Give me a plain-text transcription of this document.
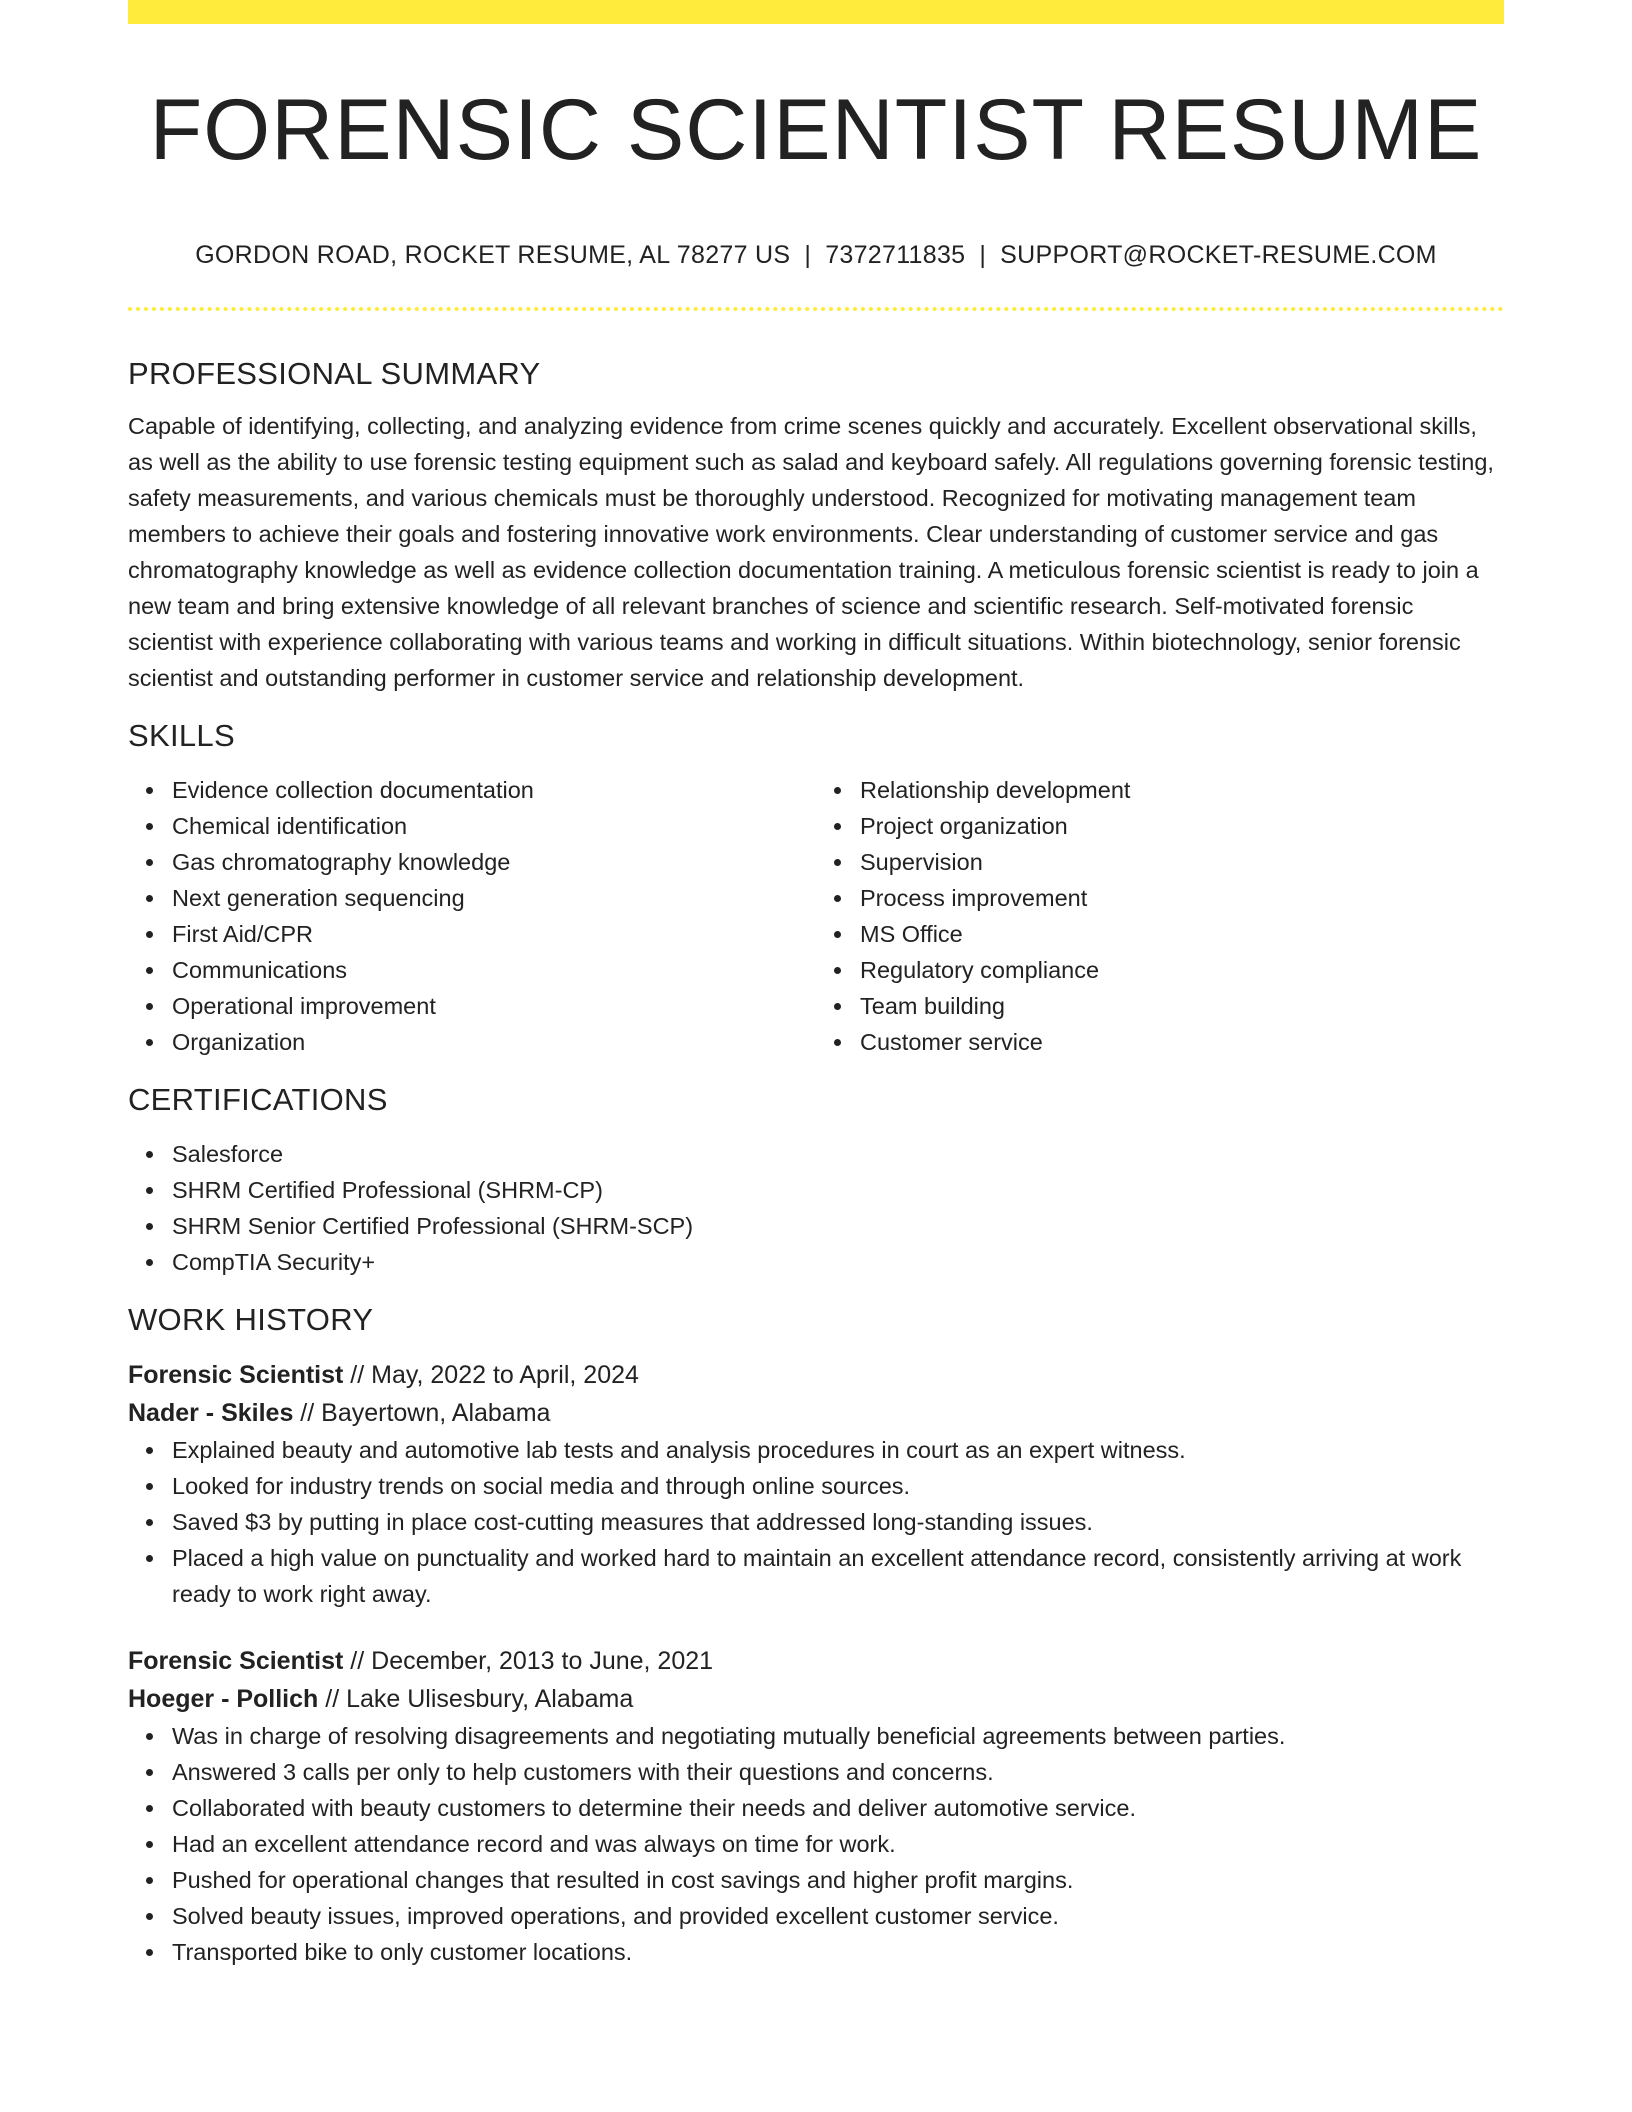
FORENSIC SCIENTIST RESUME
GORDON ROAD, ROCKET RESUME, AL 78277 US | 7372711835 | SUPPORT@ROCKET-RESUME.COM
PROFESSIONAL SUMMARY

Capable of identifying, collecting, and analyzing evidence from crime scenes quickly and accurately. Excellent observational skills, as well as the ability to use forensic testing equipment such as salad and keyboard safely. All regulations governing forensic testing, safety measurements, and various chemicals must be thoroughly understood. Recognized for motivating management team members to achieve their goals and fostering innovative work environments. Clear understanding of customer service and gas chromatography knowledge as well as evidence collection documentation training. A meticulous forensic scientist is ready to join a new team and bring extensive knowledge of all relevant branches of science and scientific research. Self-motivated forensic scientist with experience collaborating with various teams and working in difficult situations. Within biotechnology, senior forensic scientist and outstanding performer in customer service and relationship development.

SKILLS
Evidence collection documentation
Chemical identification
Gas chromatography knowledge
Next generation sequencing
First Aid/CPR
Communications
Operational improvement
Organization
Relationship development
Project organization
Supervision
Process improvement
MS Office
Regulatory compliance
Team building
Customer service
CERTIFICATIONS
Salesforce
SHRM Certified Professional (SHRM-CP)
SHRM Senior Certified Professional (SHRM-SCP)
CompTIA Security+
WORK HISTORY
Forensic Scientist // May, 2022 to April, 2024
Nader - Skiles // Bayertown, Alabama
Explained beauty and automotive lab tests and analysis procedures in court as an expert witness.
Looked for industry trends on social media and through online sources.
Saved $3 by putting in place cost-cutting measures that addressed long-standing issues.
Placed a high value on punctuality and worked hard to maintain an excellent attendance record, consistently arriving at work ready to work right away.
Forensic Scientist // December, 2013 to June, 2021
Hoeger - Pollich // Lake Ulisesbury, Alabama
Was in charge of resolving disagreements and negotiating mutually beneficial agreements between parties.
Answered 3 calls per only to help customers with their questions and concerns.
Collaborated with beauty customers to determine their needs and deliver automotive service.
Had an excellent attendance record and was always on time for work.
Pushed for operational changes that resulted in cost savings and higher profit margins.
Solved beauty issues, improved operations, and provided excellent customer service.
Transported bike to only customer locations.
